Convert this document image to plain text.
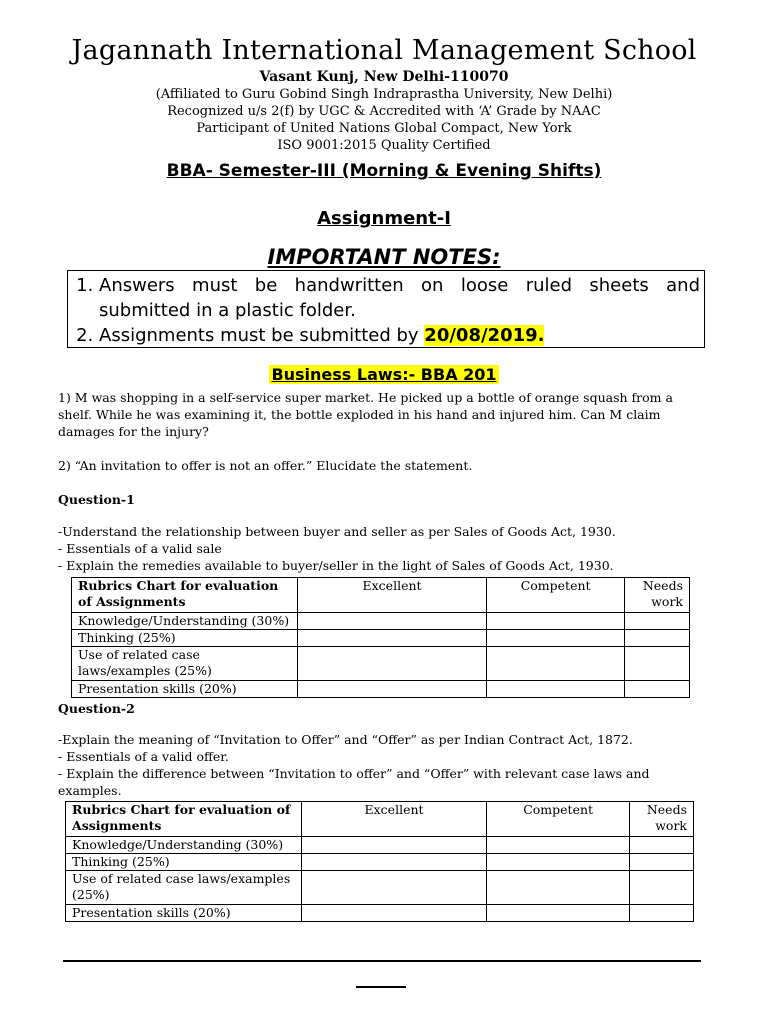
Jagannath International Management School
Vasant Kunj, New Delhi-110070
(Affiliated to Guru Gobind Singh Indraprastha University, New Delhi)
Recognized u/s 2(f) by UGC & Accredited with ‘A’ Grade by NAAC
Participant of United Nations Global Compact, New York
ISO 9001:2015 Quality Certified
BBA- Semester-III (Morning & Evening Shifts)
Assignment-I
IMPORTANT NOTES:
1. Answers must be handwritten on loose ruled sheets and submitted in a plastic folder.
2. Assignments must be submitted by 20/08/2019.
Business Laws:- BBA 201
1) M was shopping in a self-service super market. He picked up a bottle of orange squash from a shelf. While he was examining it, the bottle exploded in his hand and injured him. Can M claim damages for the injury?
2) “An invitation to offer is not an offer.” Elucidate the statement.
Question-1
-Understand the relationship between buyer and seller as per Sales of Goods Act, 1930.
- Essentials of a valid sale
- Explain the remedies available to buyer/seller in the light of Sales of Goods Act, 1930.
Rubrics Chart for evaluation of Assignments	Excellent	Competent	Needs work
Knowledge/Understanding (30%)			
Thinking (25%)			
Use of related case laws/examples (25%)			
Presentation skills (20%)			
Question-2
-Explain the meaning of “Invitation to Offer” and “Offer” as per Indian Contract Act, 1872.
- Essentials of a valid offer.
- Explain the difference between “Invitation to offer” and “Offer” with relevant case laws and examples.
Rubrics Chart for evaluation of Assignments	Excellent	Competent	Needs work
Knowledge/Understanding (30%)			
Thinking (25%)			
Use of related case laws/examples (25%)			
Presentation skills (20%)			
